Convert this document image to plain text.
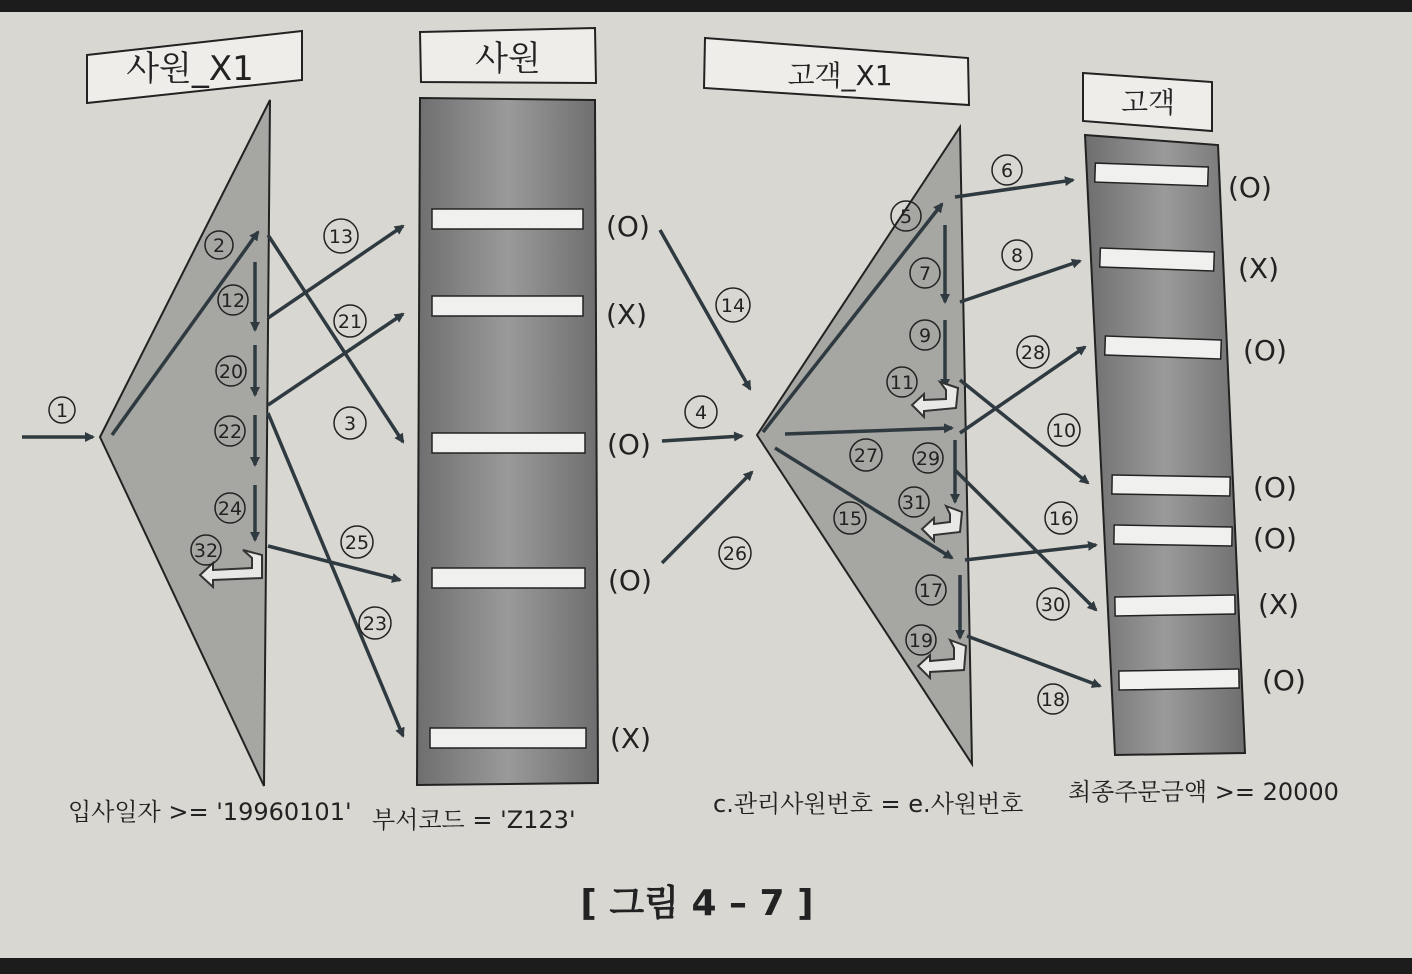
사원_X1	사원	고객_X1
고객
(O)
(X)
(O)
(O)
(X)
(O)
(X)
(O)
(O)
(O)
(X)
(O)
1
2
3	4
5
6
7
8
9
10
11
12
13
14
15	16
17
18
19
20
21
22
23
24
25	26
27
28
29
30
31
32
입사일자 >= '19960101' 부서코드 = 'Z123'
c.관리사원번호 = e.사원번호 최종주문금액 >= 20000
[ 그림 4 – 7 ]
